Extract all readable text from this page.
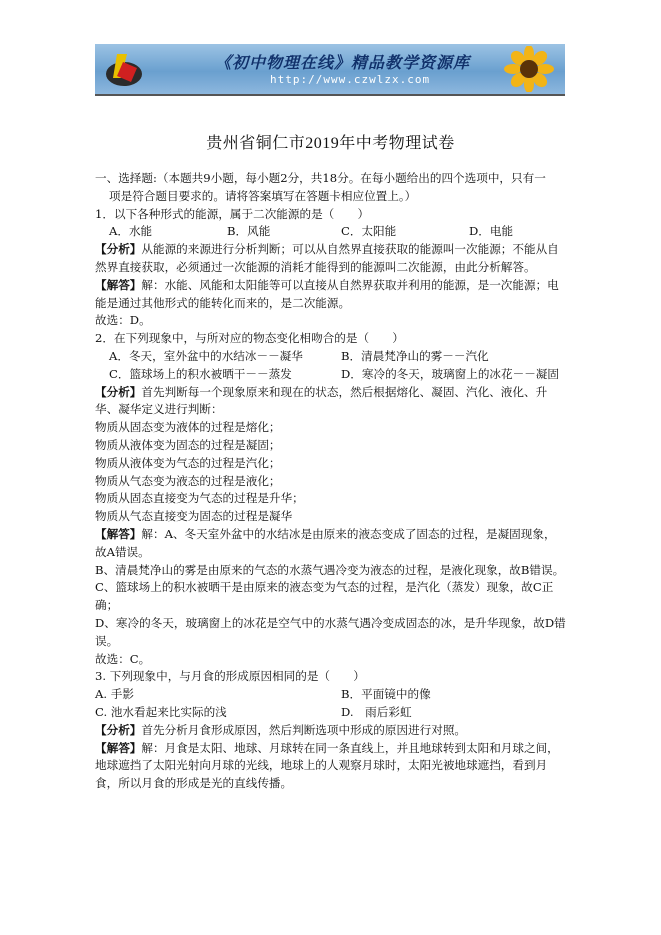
《初中物理在线》精品教学资源库
http://www.czwlzx.com
贵州省铜仁市2019年中考物理试卷

一、选择题:（本题共9小题，每小题2分，共18分。在每小题给出的四个选项中，只有一

项是符合题目要求的。请将答案填写在答题卡相应位置上。）

1．以下各种形式的能源，属于二次能源的是（　　）

A．水能	B．风能	C．太阳能	D．电能

【分析】从能源的来源进行分析判断；可以从自然界直接获取的能源叫一次能源；不能从自然界直接获取，必须通过一次能源的消耗才能得到的能源叫二次能源，由此分析解答。

【解答】解：水能、风能和太阳能等可以直接从自然界获取并利用的能源，是一次能源；电能是通过其他形式的能转化而来的，是二次能源。

故选：D。

2．在下列现象中，与所对应的物态变化相吻合的是（　　）

A．冬天，室外盆中的水结冰－－凝华	B．清晨梵净山的雾－－汽化
C．篮球场上的积水被晒干－－蒸发	D．寒冷的冬天，玻璃窗上的冰花－－凝固

【分析】首先判断每一个现象原来和现在的状态，然后根据熔化、凝固、汽化、液化、升华、凝华定义进行判断：

物质从固态变为液体的过程是熔化；

物质从液体变为固态的过程是凝固；

物质从液体变为气态的过程是汽化；

物质从气态变为液态的过程是液化；

物质从固态直接变为气态的过程是升华；

物质从气态直接变为固态的过程是凝华

【解答】解：A、冬天室外盆中的水结冰是由原来的液态变成了固态的过程，是凝固现象，故A错误。

B、清晨梵净山的雾是由原来的气态的水蒸气遇冷变为液态的过程，是液化现象，故B错误。

C、篮球场上的积水被晒干是由原来的液态变为气态的过程，是汽化（蒸发）现象，故C正确；

D、寒冷的冬天，玻璃窗上的冰花是空气中的水蒸气遇冷变成固态的冰，是升华现象，故D错误。

故选：C。

3. 下列现象中，与月食的形成原因相同的是（　　）

A. 手影	B．平面镜中的像
C. 池水看起来比实际的浅	D.　雨后彩虹

【分析】首先分析月食形成原因，然后判断选项中形成的原因进行对照。

【解答】解：月食是太阳、地球、月球转在同一条直线上，并且地球转到太阳和月球之间，地球遮挡了太阳光射向月球的光线，地球上的人观察月球时，太阳光被地球遮挡，看到月食，所以月食的形成是光的直线传播。
